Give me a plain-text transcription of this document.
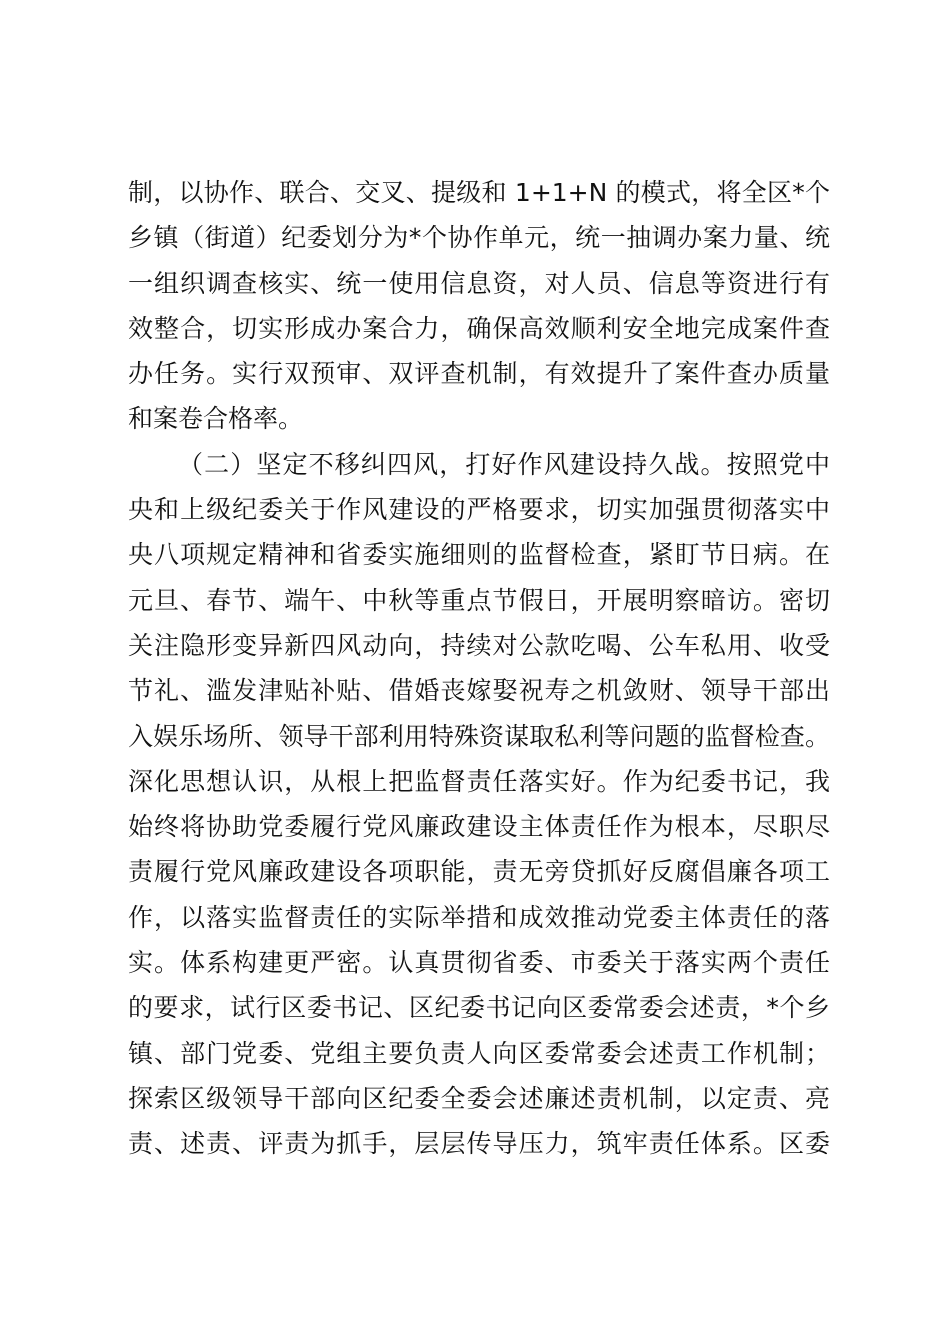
制，以协作、联合、交叉、提级和 1+1+N 的模式，将全区*个
乡镇（街道）纪委划分为*个协作单元，统一抽调办案力量、统
一组织调查核实、统一使用信息资，对人员、信息等资进行有
效整合，切实形成办案合力，确保高效顺利安全地完成案件查
办任务。实行双预审、双评查机制，有效提升了案件查办质量
和案卷合格率。
（二）坚定不移纠四风，打好作风建设持久战。按照党中
央和上级纪委关于作风建设的严格要求，切实加强贯彻落实中
央八项规定精神和省委实施细则的监督检查，紧盯节日病。在
元旦、春节、端午、中秋等重点节假日，开展明察暗访。密切
关注隐形变异新四风动向，持续对公款吃喝、公车私用、收受
节礼、滥发津贴补贴、借婚丧嫁娶祝寿之机敛财、领导干部出
入娱乐场所、领导干部利用特殊资谋取私利等问题的监督检查。
深化思想认识，从根上把监督责任落实好。作为纪委书记，我
始终将协助党委履行党风廉政建设主体责任作为根本，尽职尽
责履行党风廉政建设各项职能，责无旁贷抓好反腐倡廉各项工
作，以落实监督责任的实际举措和成效推动党委主体责任的落
实。体系构建更严密。认真贯彻省委、市委关于落实两个责任
的要求，试行区委书记、区纪委书记向区委常委会述责，*个乡
镇、部门党委、党组主要负责人向区委常委会述责工作机制；
探索区级领导干部向区纪委全委会述廉述责机制，以定责、亮
责、述责、评责为抓手，层层传导压力，筑牢责任体系。区委
